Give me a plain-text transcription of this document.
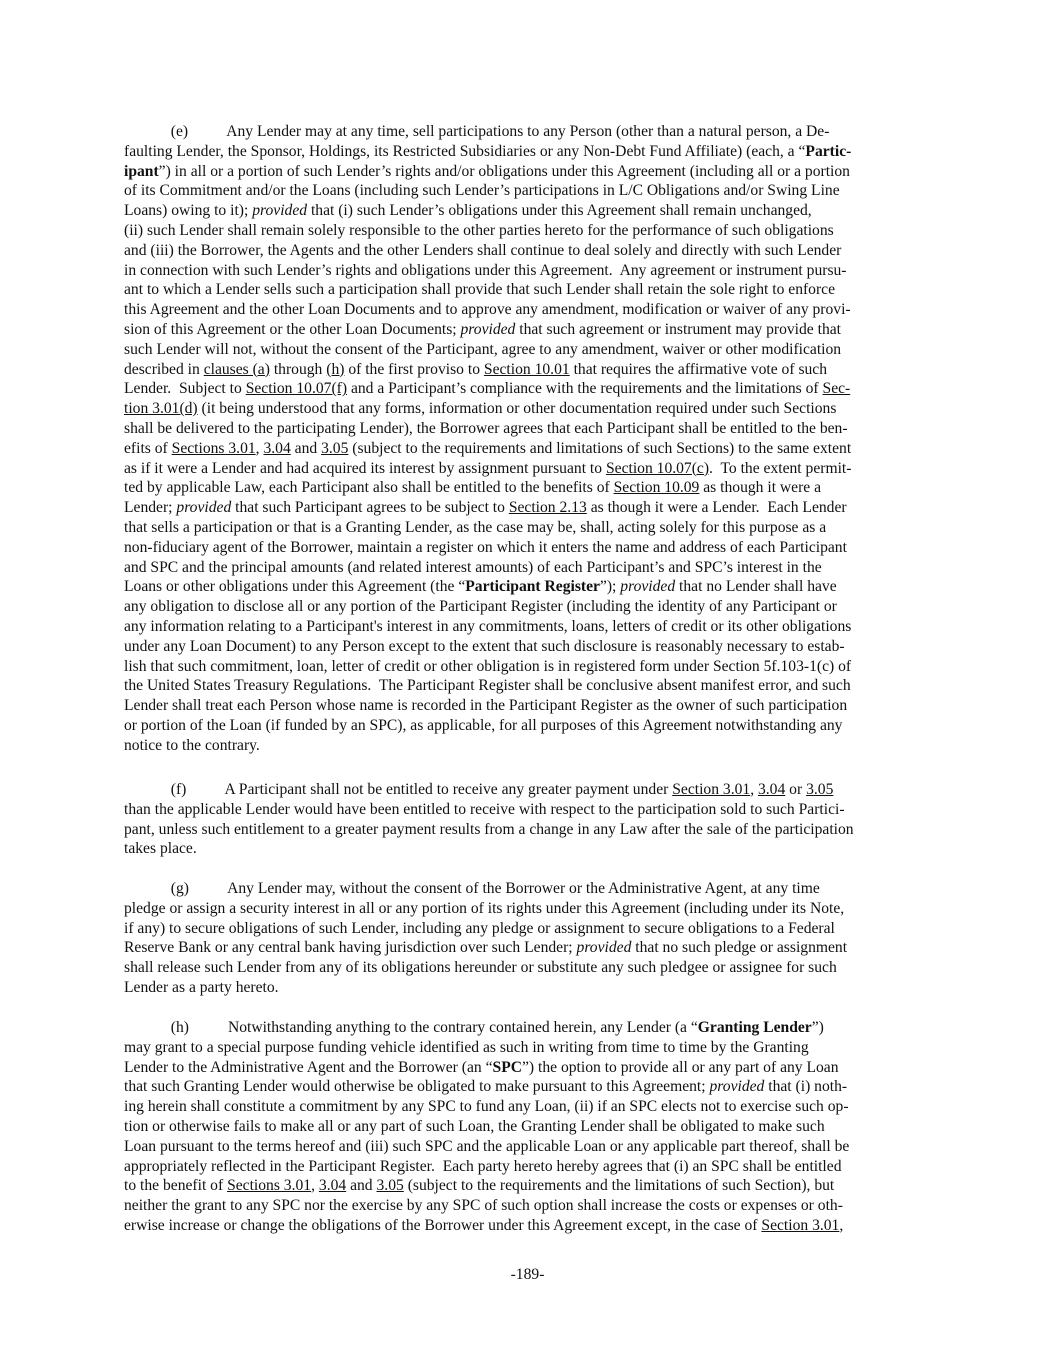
(e)          Any Lender may at any time, sell participations to any Person (other than a natural person, a De-
faulting Lender, the Sponsor, Holdings, its Restricted Subsidiaries or any Non-Debt Fund Affiliate) (each, a “Partic-
ipant”) in all or a portion of such Lender’s rights and/or obligations under this Agreement (including all or a portion
of its Commitment and/or the Loans (including such Lender’s participations in L/C Obligations and/or Swing Line
Loans) owing to it); provided that (i) such Lender’s obligations under this Agreement shall remain unchanged,
(ii) such Lender shall remain solely responsible to the other parties hereto for the performance of such obligations
and (iii) the Borrower, the Agents and the other Lenders shall continue to deal solely and directly with such Lender
in connection with such Lender’s rights and obligations under this Agreement.  Any agreement or instrument pursu-
ant to which a Lender sells such a participation shall provide that such Lender shall retain the sole right to enforce
this Agreement and the other Loan Documents and to approve any amendment, modification or waiver of any provi-
sion of this Agreement or the other Loan Documents; provided that such agreement or instrument may provide that
such Lender will not, without the consent of the Participant, agree to any amendment, waiver or other modification
described in clauses (a) through (h) of the first proviso to Section 10.01 that requires the affirmative vote of such
Lender.  Subject to Section 10.07(f) and a Participant’s compliance with the requirements and the limitations of Sec-
tion 3.01(d) (it being understood that any forms, information or other documentation required under such Sections
shall be delivered to the participating Lender), the Borrower agrees that each Participant shall be entitled to the ben-
efits of Sections 3.01, 3.04 and 3.05 (subject to the requirements and limitations of such Sections) to the same extent
as if it were a Lender and had acquired its interest by assignment pursuant to Section 10.07(c).  To the extent permit-
ted by applicable Law, each Participant also shall be entitled to the benefits of Section 10.09 as though it were a
Lender; provided that such Participant agrees to be subject to Section 2.13 as though it were a Lender.  Each Lender
that sells a participation or that is a Granting Lender, as the case may be, shall, acting solely for this purpose as a
non-fiduciary agent of the Borrower, maintain a register on which it enters the name and address of each Participant
and SPC and the principal amounts (and related interest amounts) of each Participant’s and SPC’s interest in the
Loans or other obligations under this Agreement (the “Participant Register”); provided that no Lender shall have
any obligation to disclose all or any portion of the Participant Register (including the identity of any Participant or
any information relating to a Participant's interest in any commitments, loans, letters of credit or its other obligations
under any Loan Document) to any Person except to the extent that such disclosure is reasonably necessary to estab-
lish that such commitment, loan, letter of credit or other obligation is in registered form under Section 5f.103-1(c) of
the United States Treasury Regulations.  The Participant Register shall be conclusive absent manifest error, and such
Lender shall treat each Person whose name is recorded in the Participant Register as the owner of such participation
or portion of the Loan (if funded by an SPC), as applicable, for all purposes of this Agreement notwithstanding any
notice to the contrary.
(f)          A Participant shall not be entitled to receive any greater payment under Section 3.01, 3.04 or 3.05
than the applicable Lender would have been entitled to receive with respect to the participation sold to such Partici-
pant, unless such entitlement to a greater payment results from a change in any Law after the sale of the participation
takes place.
(g)          Any Lender may, without the consent of the Borrower or the Administrative Agent, at any time
pledge or assign a security interest in all or any portion of its rights under this Agreement (including under its Note,
if any) to secure obligations of such Lender, including any pledge or assignment to secure obligations to a Federal
Reserve Bank or any central bank having jurisdiction over such Lender; provided that no such pledge or assignment
shall release such Lender from any of its obligations hereunder or substitute any such pledgee or assignee for such
Lender as a party hereto.
(h)          Notwithstanding anything to the contrary contained herein, any Lender (a “Granting Lender”)
may grant to a special purpose funding vehicle identified as such in writing from time to time by the Granting
Lender to the Administrative Agent and the Borrower (an “SPC”) the option to provide all or any part of any Loan
that such Granting Lender would otherwise be obligated to make pursuant to this Agreement; provided that (i) noth-
ing herein shall constitute a commitment by any SPC to fund any Loan, (ii) if an SPC elects not to exercise such op-
tion or otherwise fails to make all or any part of such Loan, the Granting Lender shall be obligated to make such
Loan pursuant to the terms hereof and (iii) such SPC and the applicable Loan or any applicable part thereof, shall be
appropriately reflected in the Participant Register.  Each party hereto hereby agrees that (i) an SPC shall be entitled
to the benefit of Sections 3.01, 3.04 and 3.05 (subject to the requirements and the limitations of such Section), but
neither the grant to any SPC nor the exercise by any SPC of such option shall increase the costs or expenses or oth-
erwise increase or change the obligations of the Borrower under this Agreement except, in the case of Section 3.01,
-189-
